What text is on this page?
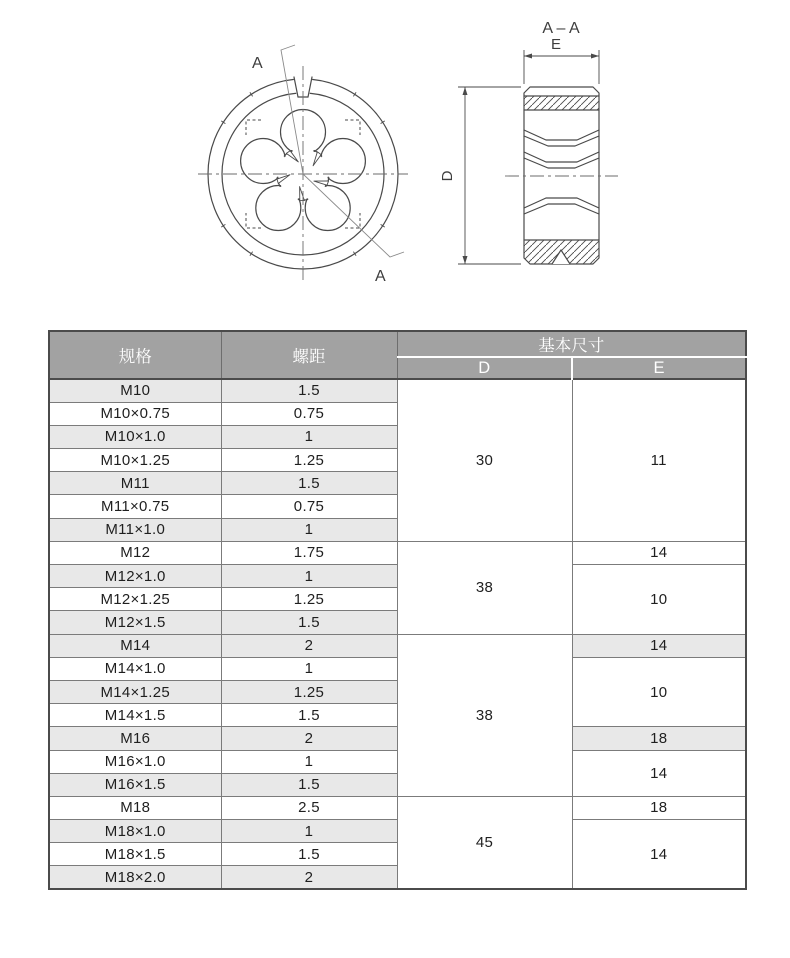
A
A
A – A
E
D
规格	螺距	基本尺寸	
		D	E
M10	1.5	30	11
M10×0.75	0.75		
M10×1.0	1		
M10×1.25	1.25		
M11	1.5		
M11×0.75	0.75		
M11×1.0	1		
M12	1.75	38	14
M12×1.0	1		10
M12×1.25	1.25		
M12×1.5	1.5		
M14	2	38	14
M14×1.0	1		10
M14×1.25	1.25		
M14×1.5	1.5		
M16	2		18
M16×1.0	1		14
M16×1.5	1.5		
M18	2.5	45	18
M18×1.0	1		14
M18×1.5	1.5		
M18×2.0	2		
